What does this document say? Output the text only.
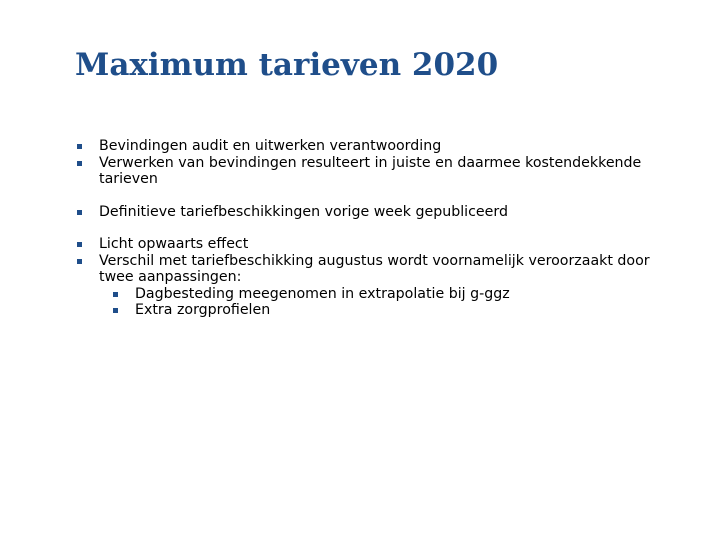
Maximum tarieven 2020
Bevindingen audit en uitwerken verantwoording
Verwerken van bevindingen resulteert in juiste en daarmee kostendekkende tarieven
Definitieve tariefbeschikkingen vorige week gepubliceerd
Licht opwaarts effect
Verschil met tariefbeschikking augustus wordt voornamelijk veroorzaakt door twee aanpassingen:
Dagbesteding meegenomen in extrapolatie bij g-ggz
Extra zorgprofielen
